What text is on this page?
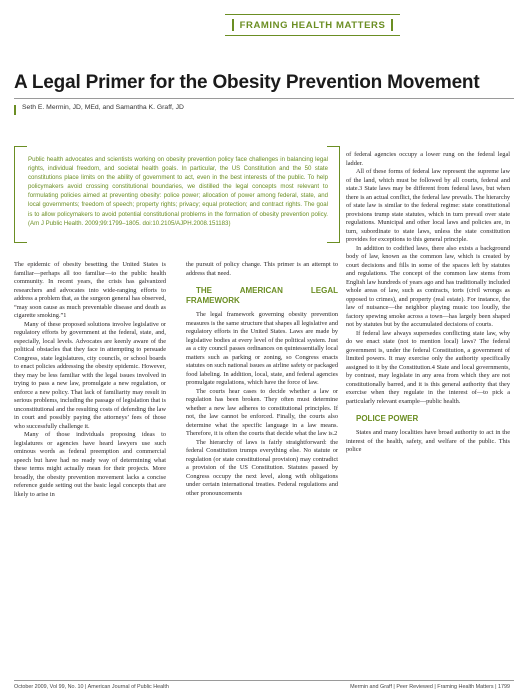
FRAMING HEALTH MATTERS
A Legal Primer for the Obesity Prevention Movement
Seth E. Mermin, JD, MEd, and Samantha K. Graff, JD

Public health advocates and scientists working on obesity prevention policy face challenges in balancing legal rights, individual freedom, and societal health goals. In particular, the US Constitution and the 50 state constitutions place limits on the ability of government to act, even in the best interests of the public. To help policymakers avoid crossing constitutional boundaries, we distilled the legal concepts most relevant to formulating policies aimed at preventing obesity: police power; allocation of power among federal, state, and local governments; freedom of speech; property rights; privacy; equal protection; and contract rights. The goal is to allow policymakers to avoid potential constitutional problems in the formation of obesity prevention policy. (Am J Public Health. 2009;99:1799–1805. doi:10.2105/AJPH.2008.151183)

The epidemic of obesity besetting the United States is familiar—perhaps all too familiar—to the public health community. In recent years, the crisis has galvanized researchers and advocates into wide-ranging efforts to address a problem that, as the surgeon general has observed, “may soon cause as much preventable disease and death as cigarette smoking.”1

Many of these proposed solutions involve legislative or regulatory efforts by government at the federal, state, and, especially, local levels. Advocates are keenly aware of the political obstacles that they face in attempting to persuade Congress, state legislatures, city councils, or school boards to enact policies addressing the obesity epidemic. However, they may be less familiar with the legal issues involved in trying to pass a new law, promulgate a new regulation, or enforce a new policy. That lack of familiarity may result in serious problems, including the passage of legislation that is unconstitutional and the resulting costs of defending the law in court and possibly paying the attorneys’ fees of those who successfully challenge it.

Many of those individuals proposing ideas to legislatures or agencies have heard lawyers use such ominous words as federal preemption and commercial speech but have had no ready way of determining what these terms might actually mean for their projects. More broadly, the obesity prevention movement lacks a concise reference guide setting out the basic legal concepts that are likely to arise in

the pursuit of policy change. This primer is an attempt to address that need.

THE AMERICAN LEGAL FRAMEWORK

The legal framework governing obesity prevention measures is the same structure that shapes all legislative and regulatory efforts in the United States. Laws are made by legislative bodies at every level of the political system. Just as a city council passes ordinances on quintessentially local matters such as parking or zoning, so Congress enacts statutes on such national issues as airline safety or packaged food labeling. In addition, local, state, and federal agencies promulgate regulations, which have the force of law.

The courts hear cases to decide whether a law or regulation has been broken. They often must determine whether a new law adheres to constitutional principles. If not, the law cannot be enforced. Finally, the courts also determine what the specific language in a law means. Therefore, it is often the courts that decide what the law is.2

The hierarchy of laws is fairly straightforward: the federal Constitution trumps everything else. No statute or regulation (or state constitutional provision) may contradict a provision of the US Constitution. Statutes passed by Congress occupy the next level, along with obligations under certain international treaties. Federal regulations and other pronouncements

of federal agencies occupy a lower rung on the federal legal ladder.

All of these forms of federal law represent the supreme law of the land, which must be followed by all courts, federal and state.3 State laws may be different from federal laws, but when there is an actual conflict, the federal law prevails. The hierarchy of state law is similar to the federal regime: state constitutional provisions trump state statutes, which in turn prevail over state regulations. Municipal and other local laws and policies are, in turn, subordinate to state laws, unless the state constitution provides for exceptions to this general principle.

In addition to codified laws, there also exists a background body of law, known as the common law, which is created by court decisions and fills in some of the spaces left by statutes and regulations. The concept of the common law stems from English law hundreds of years ago and has traditionally included whole areas of law, such as contracts, torts (civil wrongs as opposed to crimes), and property (real estate). For instance, the law of nuisance—the neighbor playing music too loudly, the factory spewing smoke across a town—has largely been shaped not by statutes but by the accumulated decisions of courts.

If federal law always supersedes conflicting state law, why do we enact state (not to mention local) laws? The federal government is, under the federal Constitution, a government of limited powers. It may exercise only the authority specifically assigned to it by the Constitution.4 State and local governments, by contrast, may legislate in any area from which they are not constitutionally barred, and it is this general authority that they exercise when they regulate in the interest of—to pick a particularly relevant example—public health.

POLICE POWER

States and many localities have broad authority to act in the interest of the health, safety, and welfare of the public. This police

October 2009, Vol 99, No. 10 | American Journal of Public Health	Mermin and Graff | Peer Reviewed | Framing Health Matters | 1799
